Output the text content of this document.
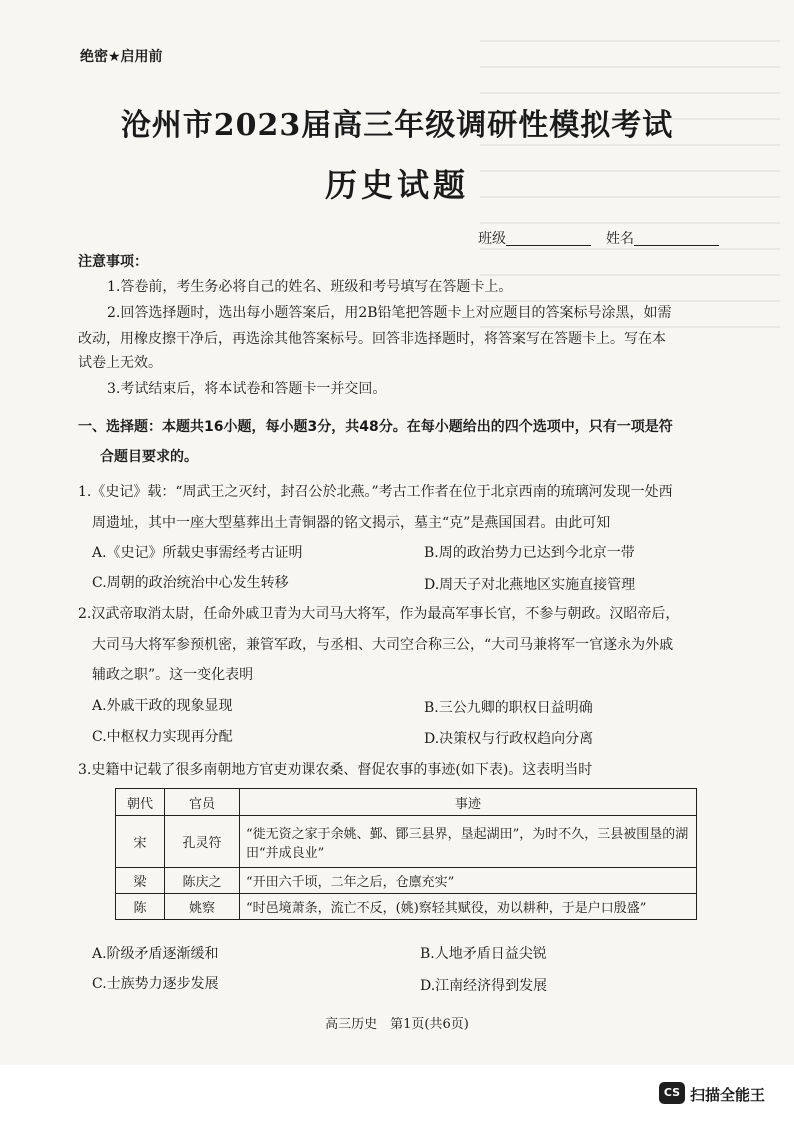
绝密★启用前
沧州市2023届高三年级调研性模拟考试
历史试题
班级	姓名
注意事项：
1.答卷前，考生务必将自己的姓名、班级和考号填写在答题卡上。
2.回答选择题时，选出每小题答案后，用2B铅笔把答题卡上对应题目的答案标号涂黑，如需
改动，用橡皮擦干净后，再选涂其他答案标号。回答非选择题时，将答案写在答题卡上。写在本
试卷上无效。
3.考试结束后，将本试卷和答题卡一并交回。
一、选择题：本题共16小题，每小题3分，共48分。在每小题给出的四个选项中，只有一项是符
合题目要求的。
1.《史记》载：“周武王之灭纣，封召公於北燕。”考古工作者在位于北京西南的琉璃河发现一处西
周遗址，其中一座大型墓葬出土青铜器的铭文揭示，墓主“克”是燕国国君。由此可知
A.《史记》所载史事需经考古证明	B.周的政治势力已达到今北京一带
C.周朝的政治统治中心发生转移	D.周天子对北燕地区实施直接管理
2.汉武帝取消太尉，任命外戚卫青为大司马大将军，作为最高军事长官，不参与朝政。汉昭帝后，
大司马大将军参预机密，兼管军政，与丞相、大司空合称三公，“大司马兼将军一官遂永为外戚
辅政之职”。这一变化表明
A.外戚干政的现象显现	B.三公九卿的职权日益明确
C.中枢权力实现再分配	D.决策权与行政权趋向分离
3.史籍中记载了很多南朝地方官吏劝课农桑、督促农事的事迹(如下表)。这表明当时
朝代	官员	事迹
宋	孔灵符	“徙无资之家于余姚、鄞、鄮三县界，垦起湖田”，为时不久，三县被围垦的湖
田“并成良业”

梁	陈庆之	“开田六千顷，二年之后，仓廪充实”
陈	姚察	“时邑境萧条，流亡不反，(姚)察轻其赋役，劝以耕种，于是户口殷盛”
A.阶级矛盾逐渐缓和	B.人地矛盾日益尖锐
C.士族势力逐步发展	D.江南经济得到发展
高三历史　第1页(共6页)
CS 扫描全能王
